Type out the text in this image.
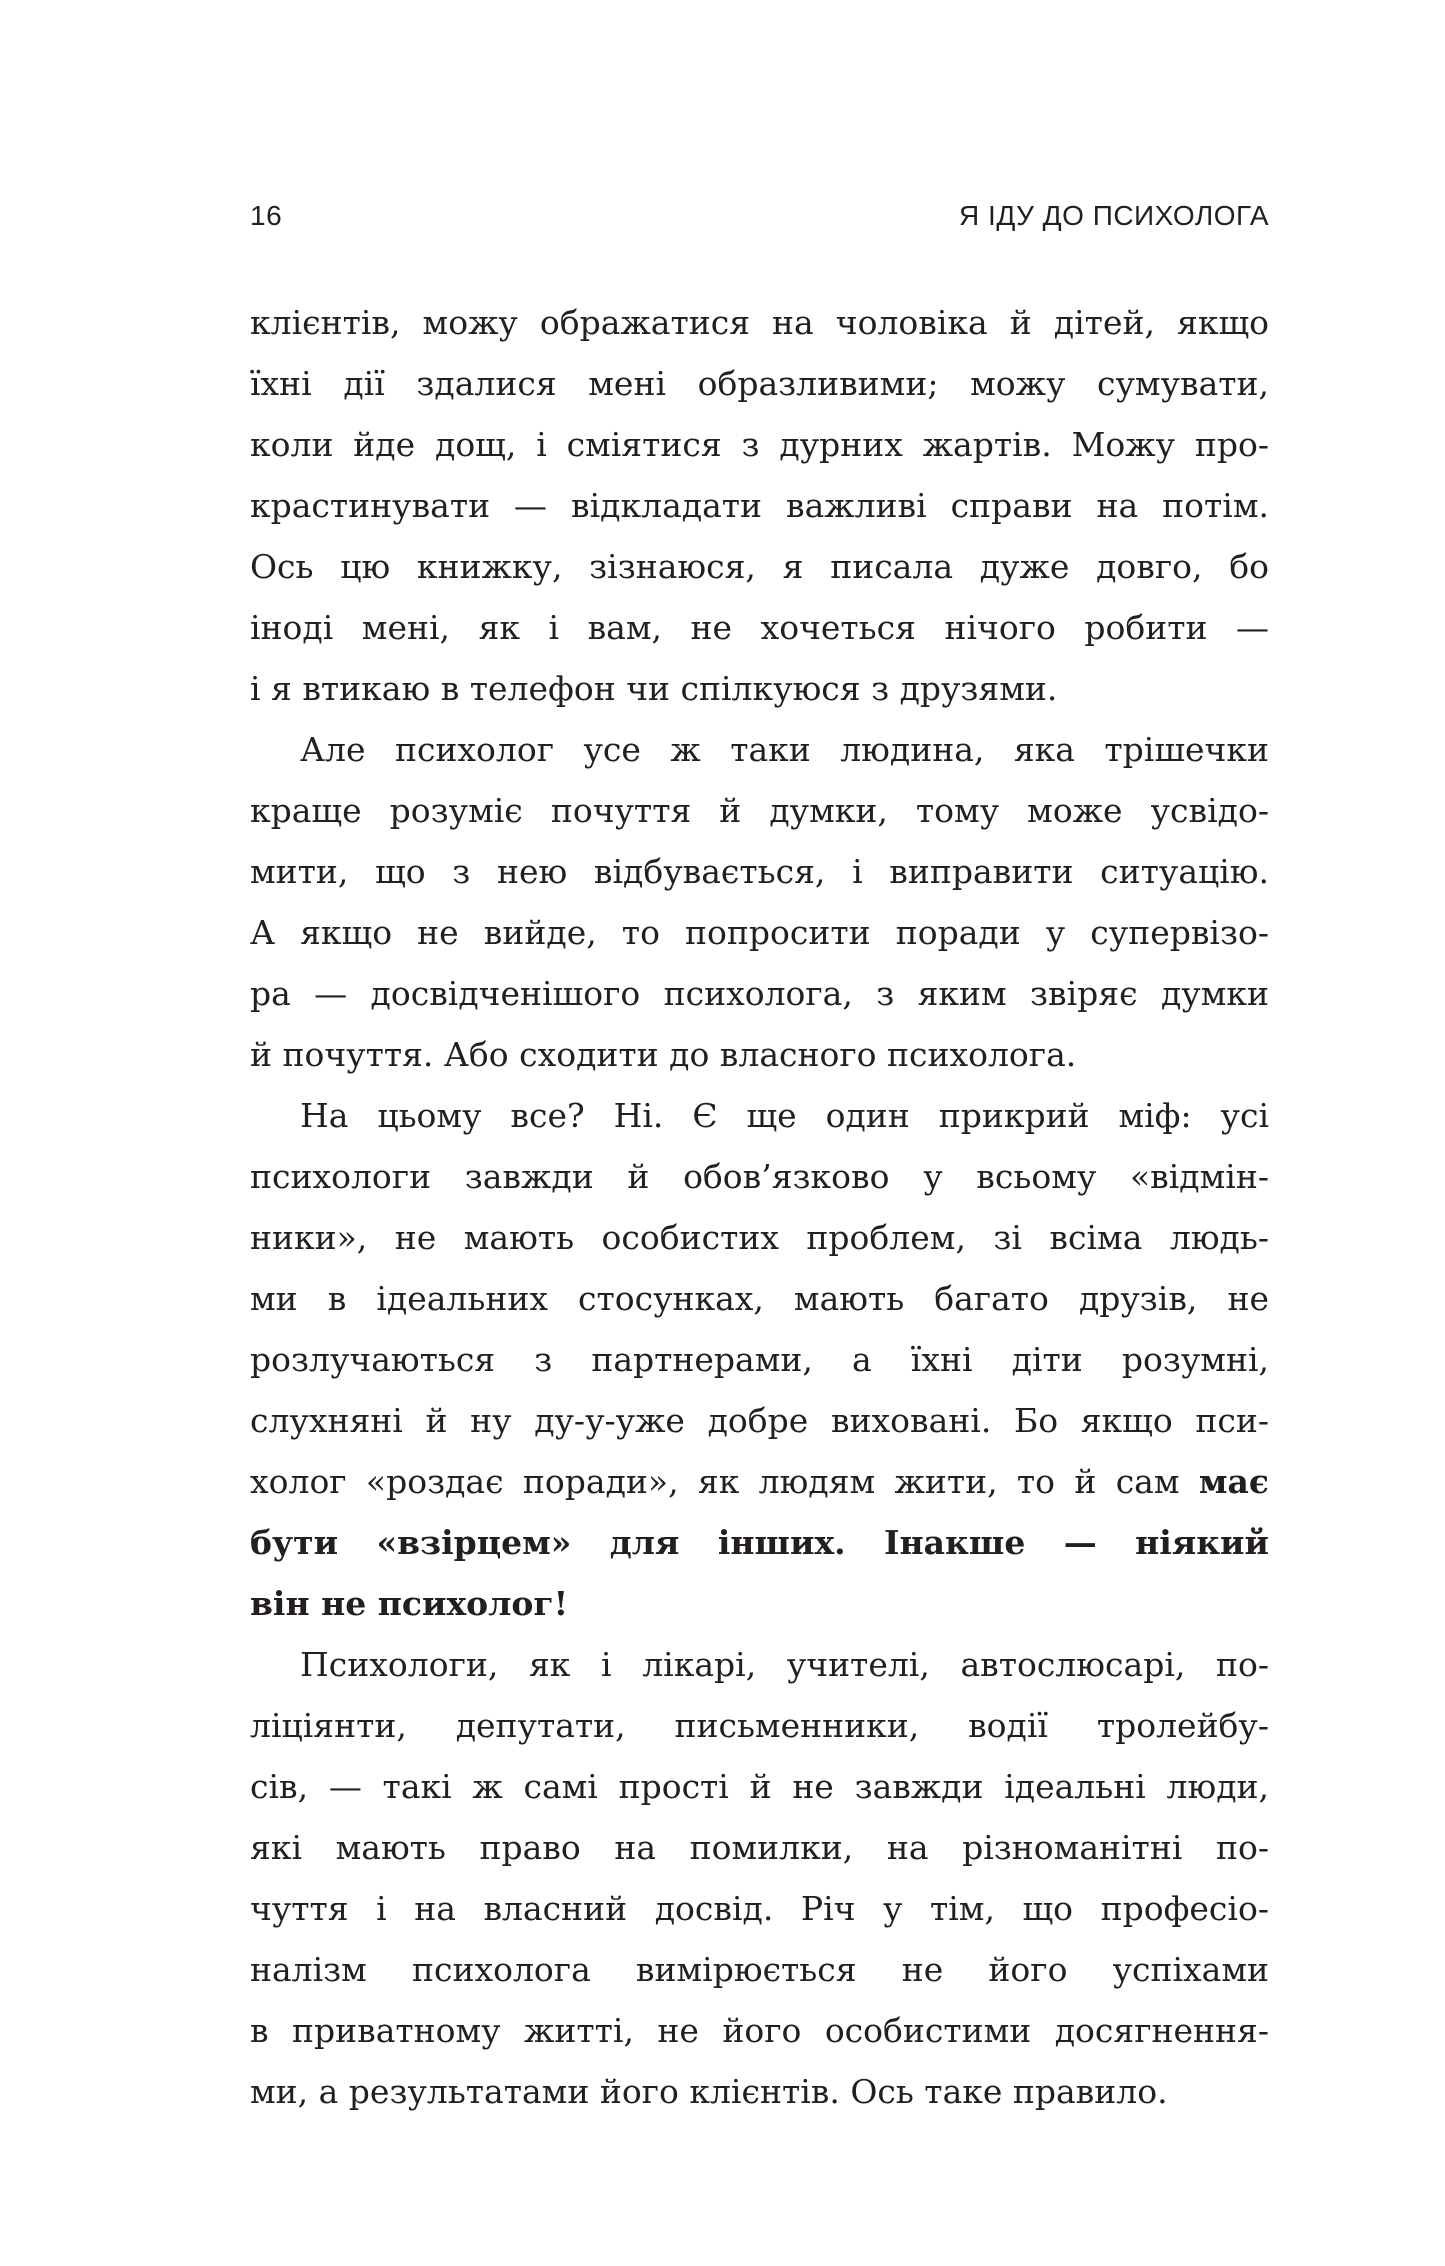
16	Я ІДУ ДО ПСИХОЛОГА
клієнтів, можу ображатися на чоловіка й дітей, якщо
їхні дії здалися мені образливими; можу сумувати,
коли йде дощ, і сміятися з дурних жартів. Можу про-
крастинувати — відкладати важливі справи на потім.
Ось цю книжку, зізнаюся, я писала дуже довго, бо
іноді мені, як і вам, не хочеться нічого робити —
і я втикаю в телефон чи спілкуюся з друзями.
Але психолог усе ж таки людина, яка трішечки
краще розуміє почуття й думки, тому може усвідо-
мити, що з нею відбувається, і виправити ситуацію.
А якщо не вийде, то попросити поради у супервізо-
ра — досвідченішого психолога, з яким звіряє думки
й почуття. Або сходити до власного психолога.
На цьому все? Ні. Є ще один прикрий міф: усі
психологи завжди й обов’язково у всьому «відмін-
ники», не мають особистих проблем, зі всіма людь-
ми в ідеальних стосунках, мають багато друзів, не
розлучаються з партнерами, а їхні діти розумні,
слухняні й ну ду-у-уже добре виховані. Бо якщо пси-
холог «роздає поради», як людям жити, то й сам має
бути «взірцем» для інших. Інакше — ніякий
він не психолог!
Психологи, як і лікарі, учителі, автослюсарі, по-
ліціянти, депутати, письменники, водії тролейбу-
сів, — такі ж самі прості й не завжди ідеальні люди,
які мають право на помилки, на різноманітні по-
чуття і на власний досвід. Річ у тім, що професіо-
налізм психолога вимірюється не його успіхами
в приватному житті, не його особистими досягнення-
ми, а результатами його клієнтів. Ось таке правило.
